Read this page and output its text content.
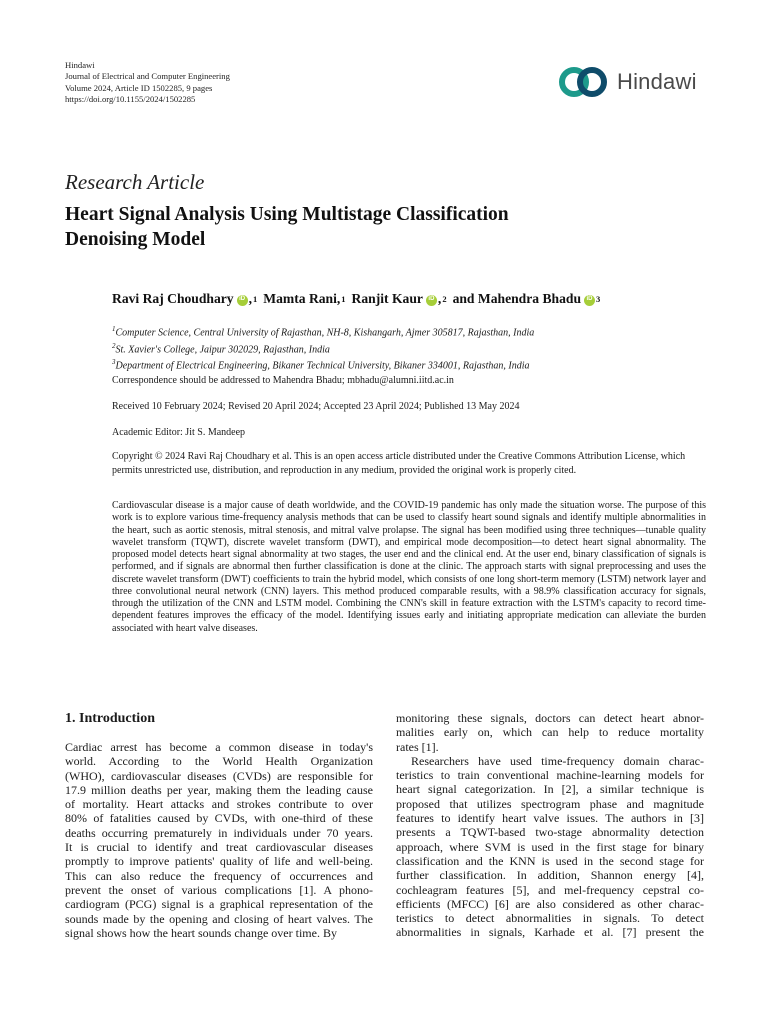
Hindawi
Journal of Electrical and Computer Engineering
Volume 2024, Article ID 1502285, 9 pages
https://doi.org/10.1155/2024/1502285
Hindawi
Research Article
Heart Signal Analysis Using Multistage Classification
Denoising Model
Ravi Raj Choudhary iD , 1 Mamta Rani, 1 Ranjit Kaur iD , 2 and Mahendra Bhadu iD 3
$^1$Computer Science, Central University of Rajasthan, NH-8, Kishangarh, Ajmer 305817, Rajasthan, India
$^2$St. Xavier's College, Jaipur 302029, Rajasthan, India
$^3$Department of Electrical Engineering, Bikaner Technical University, Bikaner 334001, Rajasthan, India
Correspondence should be addressed to Mahendra Bhadu; mbhadu@alumni.iitd.ac.in
Received 10 February 2024; Revised 20 April 2024; Accepted 23 April 2024; Published 13 May 2024
Academic Editor: Jit S. Mandeep
Copyright © 2024 Ravi Raj Choudhary et al. This is an open access article distributed under the Creative Commons Attribution License, which permits unrestricted use, distribution, and reproduction in any medium, provided the original work is properly cited.
Cardiovascular disease is a major cause of death worldwide, and the COVID-19 pandemic has only made the situation worse. The purpose of this work is to explore various time-frequency analysis methods that can be used to classify heart sound signals and identify multiple abnormalities in the heart, such as aortic stenosis, mitral stenosis, and mitral valve prolapse. The signal has been modified using three techniques—tunable quality wavelet transform (TQWT), discrete wavelet transform (DWT), and empirical mode decomposition—to detect heart signal abnormality. The proposed model detects heart signal abnormality at two stages, the user end and the clinical end. At the user end, binary classification of signals is performed, and if signals are abnormal then further classification is done at the clinic. The approach starts with signal preprocessing and uses the discrete wavelet transform (DWT) coefficients to train the hybrid model, which consists of one long short-term memory (LSTM) network layer and three convolutional neural network (CNN) layers. This method produced comparable results, with a 98.9% classification accuracy for signals, through the utilization of the CNN and LSTM model. Combining the CNN's skill in feature extraction with the LSTM's capacity to record time-dependent features improves the efficacy of the model. Identifying issues early and initiating appropriate medication can alleviate the burden associated with heart valve diseases.
1. Introduction
Cardiac arrest has become a common disease in today's
world. According to the World Health Organization
(WHO), cardiovascular diseases (CVDs) are responsible for
17.9 million deaths per year, making them the leading cause
of mortality. Heart attacks and strokes contribute to over
80% of fatalities caused by CVDs, with one-third of these
deaths occurring prematurely in individuals under 70 years.
It is crucial to identify and treat cardiovascular diseases
promptly to improve patients' quality of life and well-being.
This can also reduce the frequency of occurrences and
prevent the onset of various complications [1]. A phono-
cardiogram (PCG) signal is a graphical representation of the
sounds made by the opening and closing of heart valves. The
signal shows how the heart sounds change over time. By
monitoring these signals, doctors can detect heart abnor-
malities early on, which can help to reduce mortality
rates [1].
Researchers have used time-frequency domain charac-
teristics to train conventional machine-learning models for
heart signal categorization. In [2], a similar technique is
proposed that utilizes spectrogram phase and magnitude
features to identify heart valve issues. The authors in [3]
presents a TQWT-based two-stage abnormality detection
approach, where SVM is used in the first stage for binary
classification and the KNN is used in the second stage for
further classification. In addition, Shannon energy [4],
cochleagram features [5], and mel-frequency cepstral co-
efficients (MFCC) [6] are also considered as other charac-
teristics to detect abnormalities in signals. To detect
abnormalities in signals, Karhade et al. [7] present the
